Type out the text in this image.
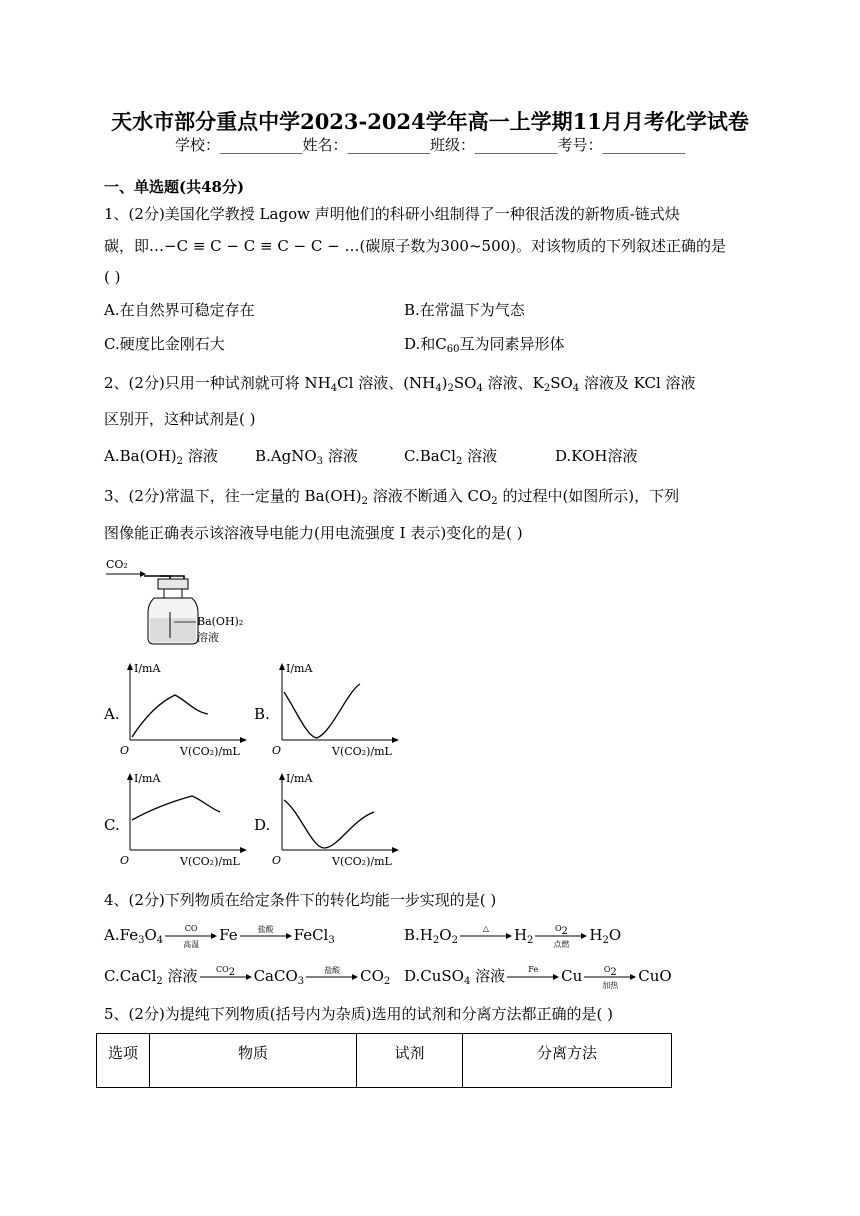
天水市部分重点中学2023-2024学年高一上学期11月月考化学试卷
学校：___________姓名：___________班级：___________考号：___________
一、单选题(共48分)
1、(2分)美国化学教授 Lagow 声明他们的科研小组制得了一种很活泼的新物质-链式炔
碳，即…−C ≡ C − C ≡ C − C − …(碳原子数为300~500)。对该物质的下列叙述正确的是
( )
A.在自然界可稳定存在	B.在常温下为气态
C.硬度比金刚石大	D.和$C_{60}$互为同素异形体
2、(2分)只用一种试剂就可将 $NH_4Cl$ 溶液、$(NH_4)_2SO_4$ 溶液、$K_2SO_4$ 溶液及 KCl 溶液
区别开，这种试剂是( )
$A.Ba(OH)_2$ 溶液 B.AgNO$_3$ 溶液	C.BaCl$_2$ 溶液	D.KOH溶液
3、(2分)常温下，往一定量的 $Ba(OH)_2$ 溶液不断通入 $CO_2$ 的过程中(如图所示)，下列
图像能正确表示该溶液导电能力(用电流强度 I 表示)变化的是( )
CO₂
Ba(OH)₂
溶液
A.
I/mA
O	V(CO₂)/mL
B.
I/mA
O	V(CO₂)/mL
C.
I/mA
O	V(CO₂)/mL
D.
I/mA
O	V(CO₂)/mL
4、(2分)下列物质在给定条件下的转化均能一步实现的是( )
$A.Fe_3O_4$
CO
高温
Fe	盐酸	FeCl$_3$	$B.H_2O_2$
△	$H_2$
$O_2$
点燃
$H_2O$
C.CaCl$_2$ 溶液	$CO_2$	CaCO$_3$
盐酸	$CO_2$ D.CuSO$_4$ 溶液	Fe	Cu	$O_2$
加热
CuO
5、(2分)为提纯下列物质(括号内为杂质)选用的试剂和分离方法都正确的是( )
选项	物质	试剂	分离方法
